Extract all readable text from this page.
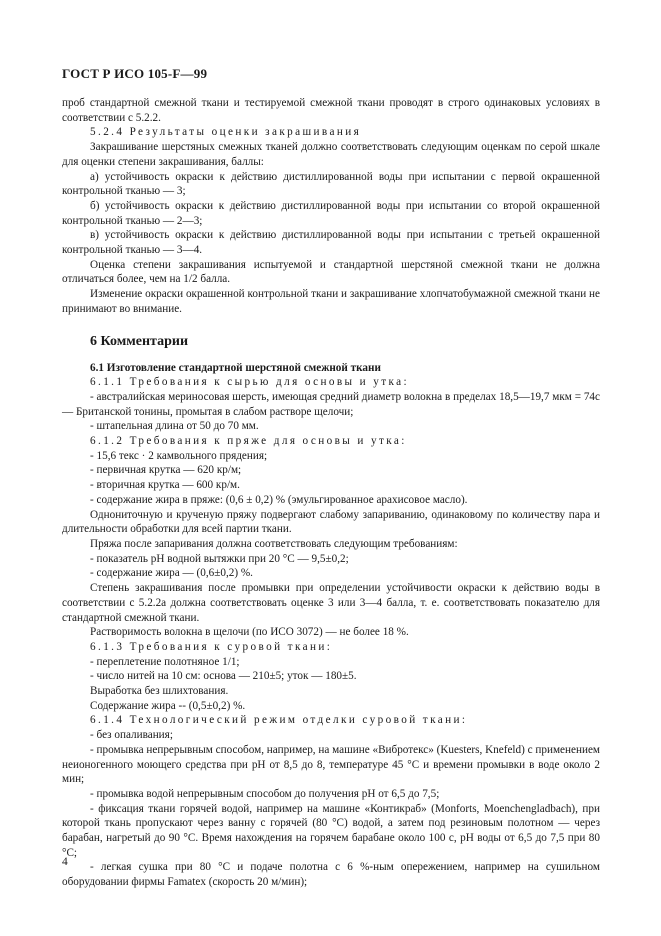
ГОСТ Р ИСО 105-F—99

проб стандартной смежной ткани и тестируемой смежной ткани проводят в строго одинаковых условиях в соответствии с 5.2.2.

5.2.4 Результаты оценки закрашивания

Закрашивание шерстяных смежных тканей должно соответствовать следующим оценкам по серой шкале для оценки степени закрашивания, баллы:

а) устойчивость окраски к действию дистиллированной воды при испытании с первой окрашенной контрольной тканью — 3;

б) устойчивость окраски к действию дистиллированной воды при испытании со второй окрашенной контрольной тканью — 2—3;

в) устойчивость окраски к действию дистиллированной воды при испытании с третьей окрашенной контрольной тканью — 3—4.

Оценка степени закрашивания испытуемой и стандартной шерстяной смежной ткани не должна отличаться более, чем на 1/2 балла.

Изменение окраски окрашенной контрольной ткани и закрашивание хлопчатобумажной смежной ткани не принимают во внимание.

6 Комментарии

6.1 Изготовление стандартной шерстяной смежной ткани

6.1.1 Требования к сырью для основы и утка:

- австралийская мериносовая шерсть, имеющая средний диаметр волокна в пределах 18,5—19,7 мкм = 74с — Британской тонины, промытая в слабом растворе щелочи;

- штапельная длина от 50 до 70 мм.

6.1.2 Требования к пряже для основы и утка:

- 15,6 текс · 2 камвольного прядения;

- первичная крутка — 620 кр/м;

- вторичная крутка — 600 кр/м.

- содержание жира в пряже: (0,6 ± 0,2) % (эмульгированное арахисовое масло).

Однониточную и крученую пряжу подвергают слабому запариванию, одинаковому по количеству пара и длительности обработки для всей партии ткани.

Пряжа после запаривания должна соответствовать следующим требованиям:

- показатель pH водной вытяжки при 20 °С — 9,5±0,2;

- содержание жира — (0,6±0,2) %.

Степень закрашивания после промывки при определении устойчивости окраски к действию воды в соответствии с 5.2.2а должна соответствовать оценке 3 или 3—4 балла, т. е. соответствовать показателю для стандартной смежной ткани.

Растворимость волокна в щелочи (по ИСО 3072) — не более 18 %.

6.1.3 Требования к суровой ткани:

- переплетение полотняное 1/1;

- число нитей на 10 см: основа — 210±5; уток — 180±5.

Выработка без шлихтования.

Содержание жира -- (0,5±0,2) %.

6.1.4 Технологический режим отделки суровой ткани:

- без опаливания;

- промывка непрерывным способом, например, на машине «Вибротекс» (Kuesters, Knefeld) с применением неионогенного моющего средства при pH от 8,5 до 8, температуре 45 °С и времени промывки в воде около 2 мин;

- промывка водой непрерывным способом до получения pH от 6,5 до 7,5;

- фиксация ткани горячей водой, например на машине «Контикраб» (Monforts, Moenchengladbach), при которой ткань пропускают через ванну с горячей (80 °С) водой, а затем под резиновым полотном — через барабан, нагретый до 90 °С. Время нахождения на горячем барабане около 100 с, pH воды от 6,5 до 7,5 при 80 °С;

- легкая сушка при 80 °С и подаче полотна с 6 %-ным опережением, например на сушильном оборудовании фирмы Famatex (скорость 20 м/мин);

4
